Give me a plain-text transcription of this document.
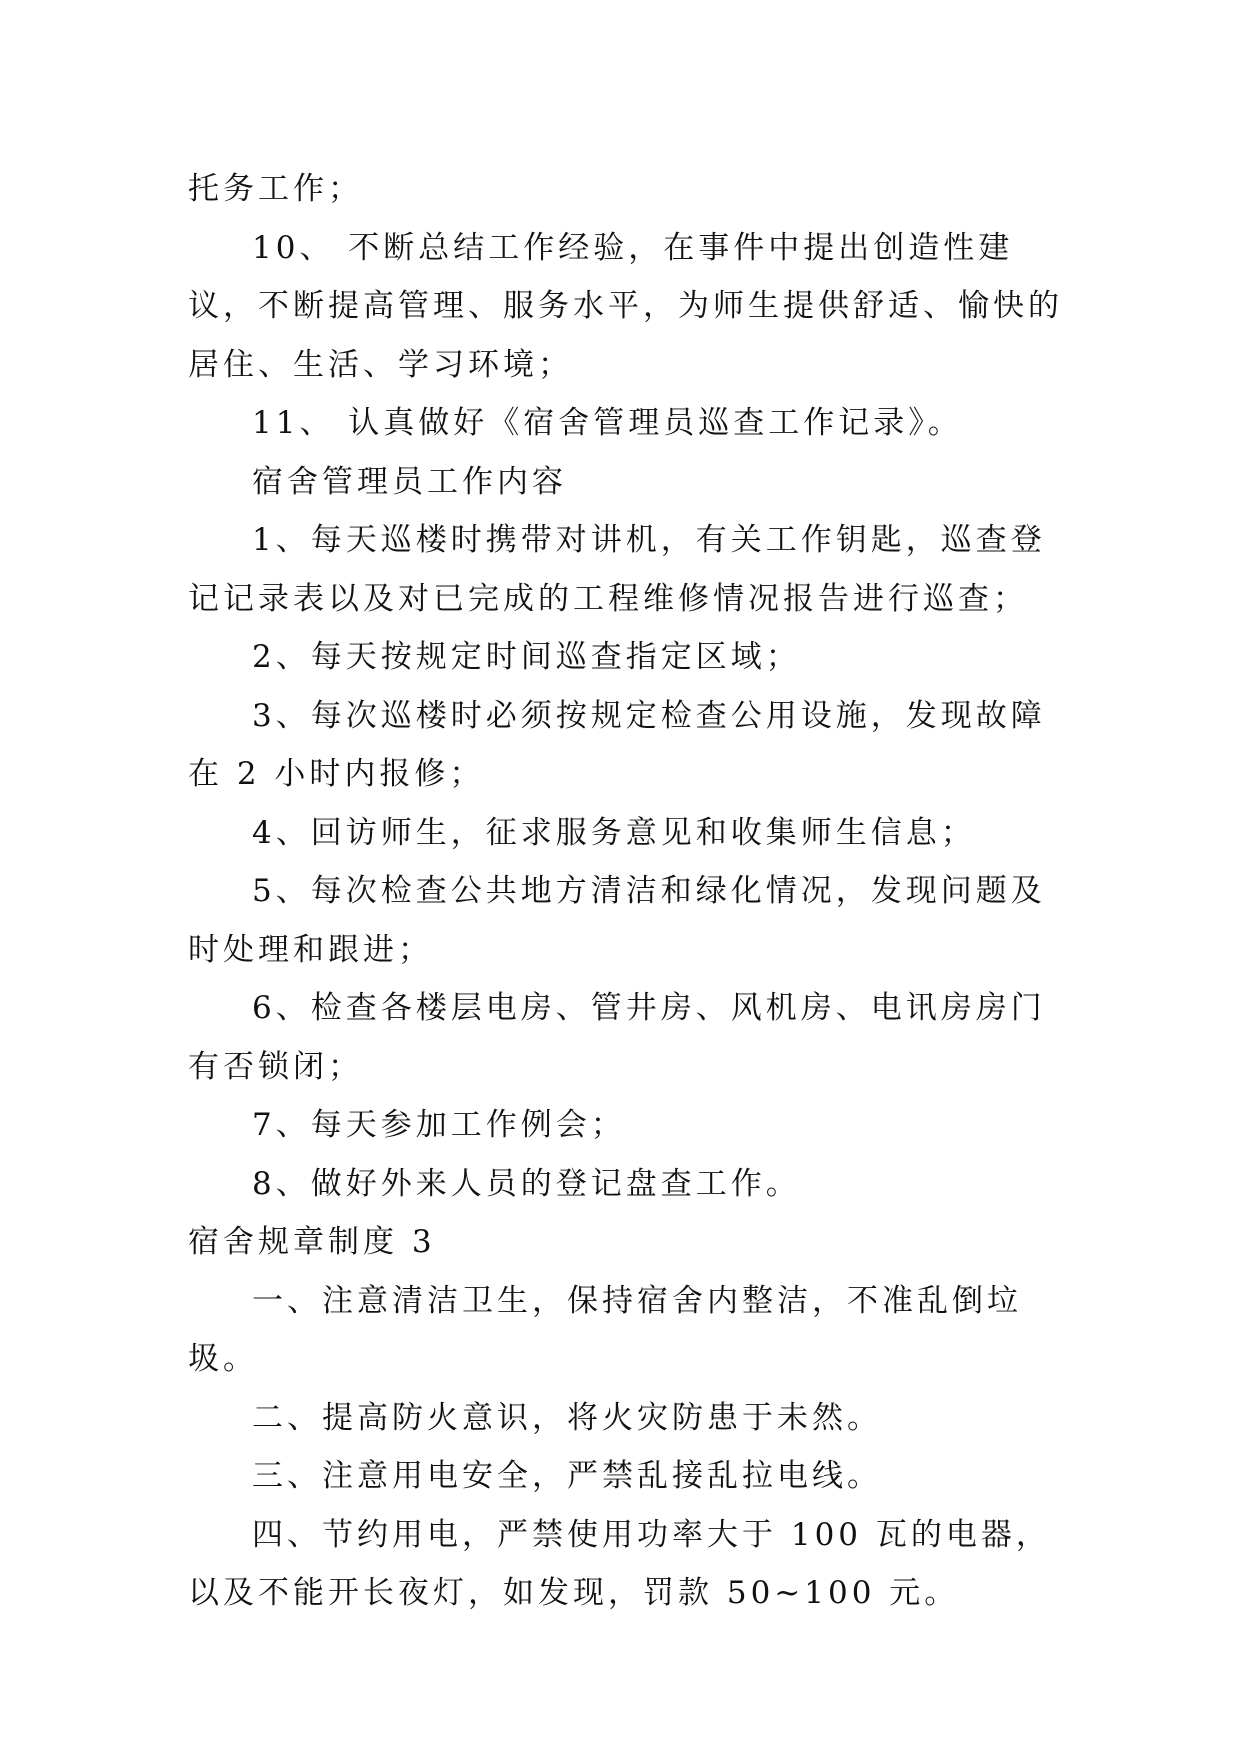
托务工作；

10、 不断总结工作经验，在事件中提出创造性建议，不断提高管理、服务水平，为师生提供舒适、愉快的居住、生活、学习环境；

11、 认真做好《宿舍管理员巡查工作记录》。

宿舍管理员工作内容

1、每天巡楼时携带对讲机，有关工作钥匙，巡查登记记录表以及对已完成的工程维修情况报告进行巡查；

2、每天按规定时间巡查指定区域；

3、每次巡楼时必须按规定检查公用设施，发现故障在 2 小时内报修；

4、回访师生，征求服务意见和收集师生信息；

5、每次检查公共地方清洁和绿化情况，发现问题及时处理和跟进；

6、检查各楼层电房、管井房、风机房、电讯房房门有否锁闭；

7、每天参加工作例会；

8、做好外来人员的登记盘查工作。

宿舍规章制度 3

一、注意清洁卫生，保持宿舍内整洁，不准乱倒垃圾。

二、提高防火意识，将火灾防患于未然。

三、注意用电安全，严禁乱接乱拉电线。

四、节约用电，严禁使用功率大于 100 瓦的电器，以及不能开长夜灯，如发现，罚款 50~100 元。
